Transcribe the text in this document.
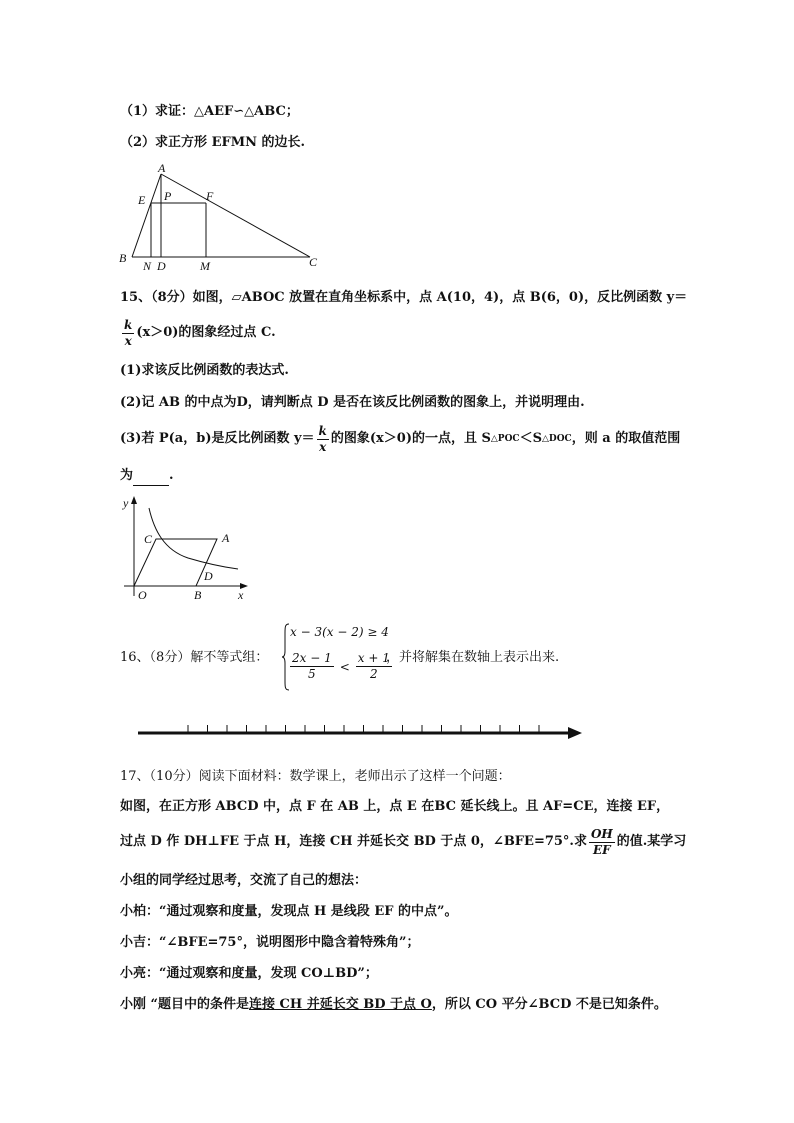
（1）求证：△AEF∽△ABC；
（2）求正方形 EFMN 的边长.
A
E P	F
B
N D	M	C
15、（8分）如图，▱ABOC 放置在直角坐标系中，点 A(10，4)，点 B(6，0)，反比例函数 y＝
$\frac{k}{x} (x>0)$的图象经过点 C.
(1)求该反比例函数的表达式.
(2)记 AB 的中点为D，请判断点 D 是否在该反比例函数的图象上，并说明理由.
(3)若 P(a，b)是反比例函数 $y= \frac{k}{x}$ 的图象(x＞0)的一点，且 S △POC ＜S △DOC ，则 a 的取值范围
为	.
y
C	A
D
O	B	x
16、（8分）解不等式组：
x − 3(x − 2) ≥ 4
$\frac{2x - 1}{5} < \frac{x + 1}{2}$
，并将解集在数轴上表示出来.
17、（10分）阅读下面材料：数学课上，老师出示了这样一个问题：
如图，在正方形 ABCD 中，点 F 在 AB 上，点 E 在BC 延长线上。且 AF=CE，连接 EF，
过点 D 作 DH⊥FE 于点 H，连接 CH 并延长交 BD 于点 0，∠BFE=75°.求 $\frac{OH}{EF}$ 的值.某学习
小组的同学经过思考，交流了自己的想法：
小柏：“通过观察和度量，发现点 H 是线段 EF 的中点”。
小吉：“∠BFE=75°，说明图形中隐含着特殊角”；
小亮：“通过观察和度量，发现 CO⊥BD”；
小刚 “题目中的条件是连接 CH 并延长交 BD 于点 O，所以 CO 平分∠BCD 不是已知条件。
